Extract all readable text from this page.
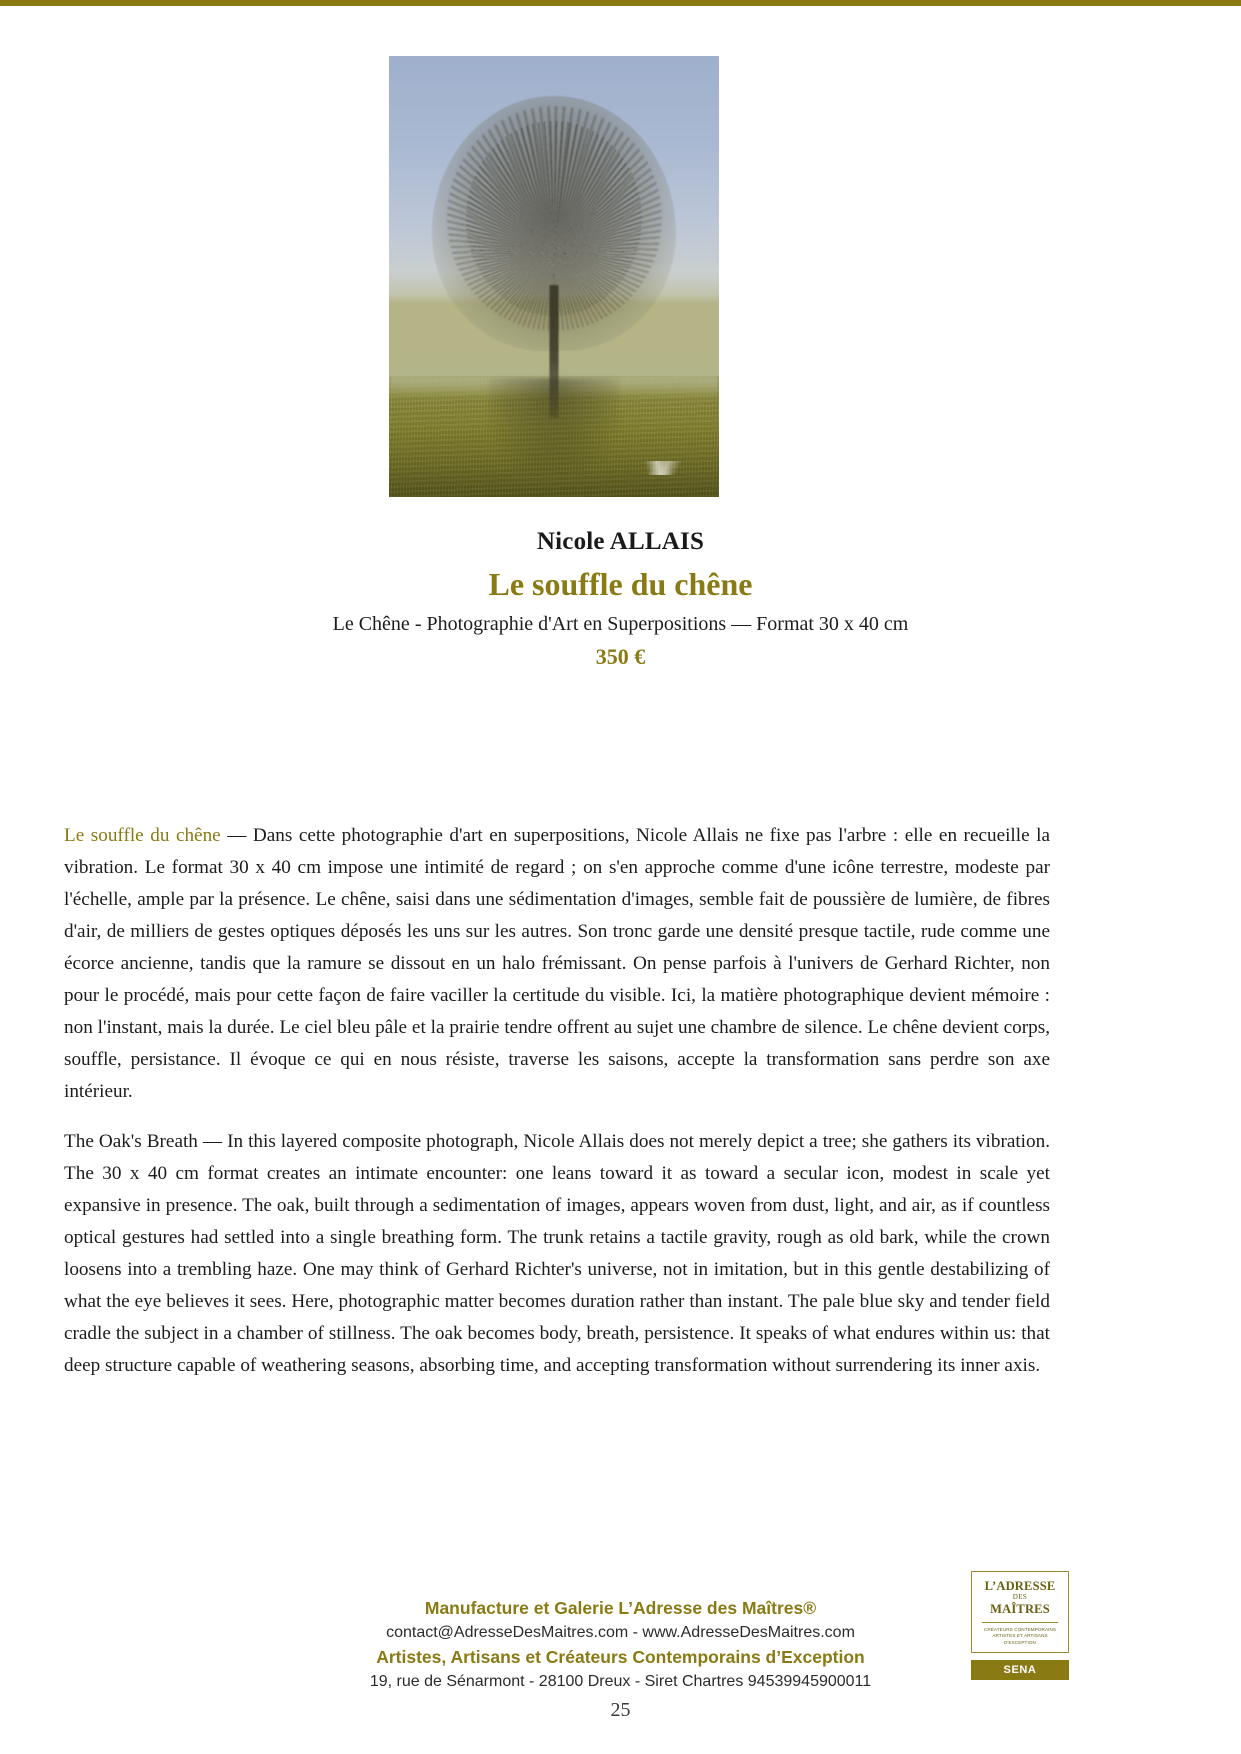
Nicole ALLAIS
Le souffle du chêne
Le Chêne - Photographie d'Art en Superpositions — Format 30 x 40 cm
350 €

Le souffle du chêne — Dans cette photographie d'art en superpositions, Nicole Allais ne fixe pas l'arbre : elle en recueille la vibration. Le format 30 x 40 cm impose une intimité de regard ; on s'en approche comme d'une icône terrestre, modeste par l'échelle, ample par la présence. Le chêne, saisi dans une sédimentation d'images, semble fait de poussière de lumière, de fibres d'air, de milliers de gestes optiques déposés les uns sur les autres. Son tronc garde une densité presque tactile, rude comme une écorce ancienne, tandis que la ramure se dissout en un halo frémissant. On pense parfois à l'univers de Gerhard Richter, non pour le procédé, mais pour cette façon de faire vaciller la certitude du visible. Ici, la matière photographique devient mémoire : non l'instant, mais la durée. Le ciel bleu pâle et la prairie tendre offrent au sujet une chambre de silence. Le chêne devient corps, souffle, persistance. Il évoque ce qui en nous résiste, traverse les saisons, accepte la transformation sans perdre son axe intérieur.

The Oak's Breath — In this layered composite photograph, Nicole Allais does not merely depict a tree; she gathers its vibration. The 30 x 40 cm format creates an intimate encounter: one leans toward it as toward a secular icon, modest in scale yet expansive in presence. The oak, built through a sedimentation of images, appears woven from dust, light, and air, as if countless optical gestures had settled into a single breathing form. The trunk retains a tactile gravity, rough as old bark, while the crown loosens into a trembling haze. One may think of Gerhard Richter's universe, not in imitation, but in this gentle destabilizing of what the eye believes it sees. Here, photographic matter becomes duration rather than instant. The pale blue sky and tender field cradle the subject in a chamber of stillness. The oak becomes body, breath, persistence. It speaks of what endures within us: that deep structure capable of weathering seasons, absorbing time, and accepting transformation without surrendering its inner axis.

Manufacture et Galerie L’Adresse des Maîtres®
contact@AdresseDesMaitres.com - www.AdresseDesMaitres.com
Artistes, Artisans et Créateurs Contemporains d’Exception
19, rue de Sénarmont - 28100 Dreux - Siret Chartres 94539945900011
25
L’ADRESSE
DES
MAÎTRES
CRÉATEURS CONTEMPORAINS
ARTISTES ET ARTISANS
D'EXCEPTION
SENA
